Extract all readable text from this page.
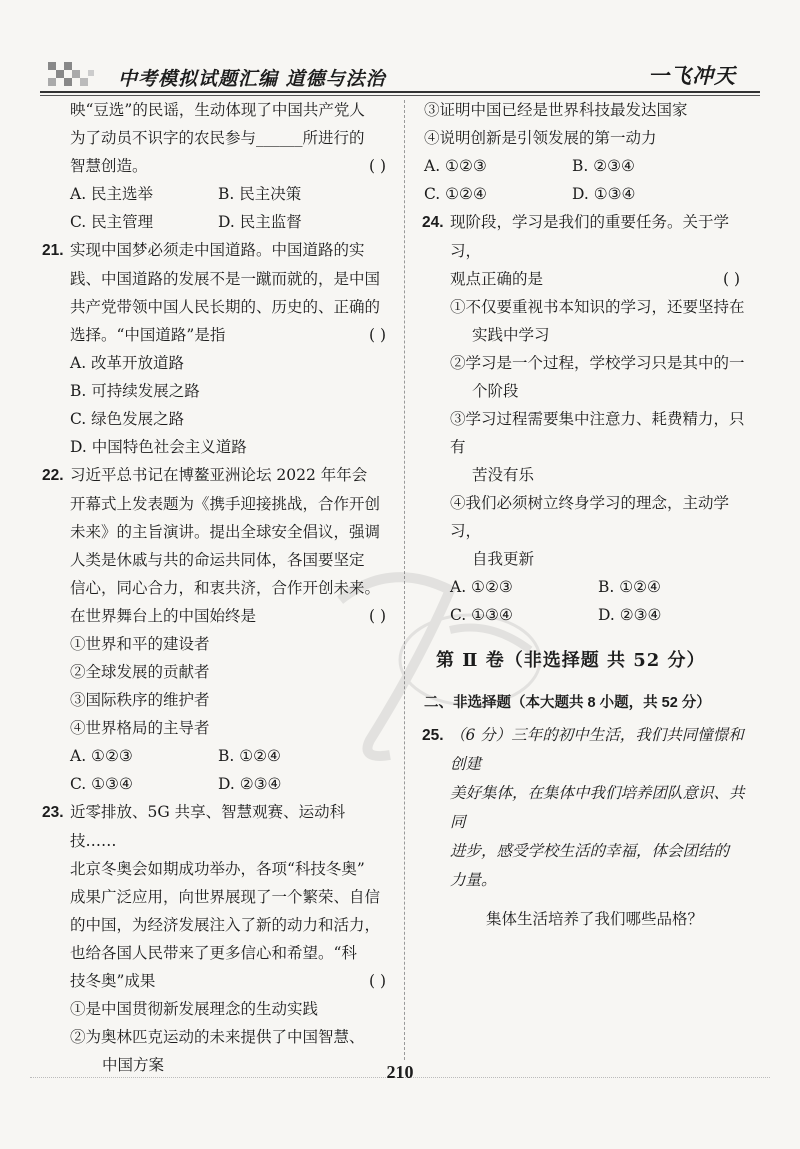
中考模拟试题汇编 道德与法治	一飞冲天

映“豆选”的民谣，生动体现了中国共产党人

为了动员不识字的农民参与______所进行的

智慧创造。	( )

A. 民主选举	B. 民主决策
C. 民主管理	D. 民主监督

21. 实现中国梦必须走中国道路。中国道路的实

践、中国道路的发展不是一蹴而就的，是中国

共产党带领中国人民长期的、历史的、正确的

选择。“中国道路”是指	( )

A. 改革开放道路

B. 可持续发展之路

C. 绿色发展之路

D. 中国特色社会主义道路

22. 习近平总书记在博鳌亚洲论坛 2022 年年会

开幕式上发表题为《携手迎接挑战，合作开创

未来》的主旨演讲。提出全球安全倡议，强调

人类是休戚与共的命运共同体，各国要坚定

信心，同心合力，和衷共济，合作开创未来。

在世界舞台上的中国始终是	( )

①世界和平的建设者

②全球发展的贡献者

③国际秩序的维护者

④世界格局的主导者

A. ①②③	B. ①②④
C. ①③④	D. ②③④

23. 近零排放、5G 共享、智慧观赛、运动科技……

北京冬奥会如期成功举办，各项“科技冬奥”

成果广泛应用，向世界展现了一个繁荣、自信

的中国，为经济发展注入了新的动力和活力，

也给各国人民带来了更多信心和希望。“科

技冬奥”成果	( )

①是中国贯彻新发展理念的生动实践

②为奥林匹克运动的未来提供了中国智慧、

中国方案

③证明中国已经是世界科技最发达国家

④说明创新是引领发展的第一动力

A. ①②③	B. ②③④
C. ①②④	D. ①③④

24. 现阶段，学习是我们的重要任务。关于学习，

观点正确的是	( )

①不仅要重视书本知识的学习，还要坚持在

实践中学习

②学习是一个过程，学校学习只是其中的一

个阶段

③学习过程需要集中注意力、耗费精力，只有

苦没有乐

④我们必须树立终身学习的理念，主动学习，

自我更新

A. ①②③	B. ①②④
C. ①③④	D. ②③④
第 Ⅱ 卷（非选择题 共 52 分）
二、非选择题（本大题共 8 小题，共 52 分）

25. （6 分）三年的初中生活，我们共同憧憬和创建

美好集体，在集体中我们培养团队意识、共同

进步，感受学校生活的幸福，体会团结的

力量。

集体生活培养了我们哪些品格？

210
